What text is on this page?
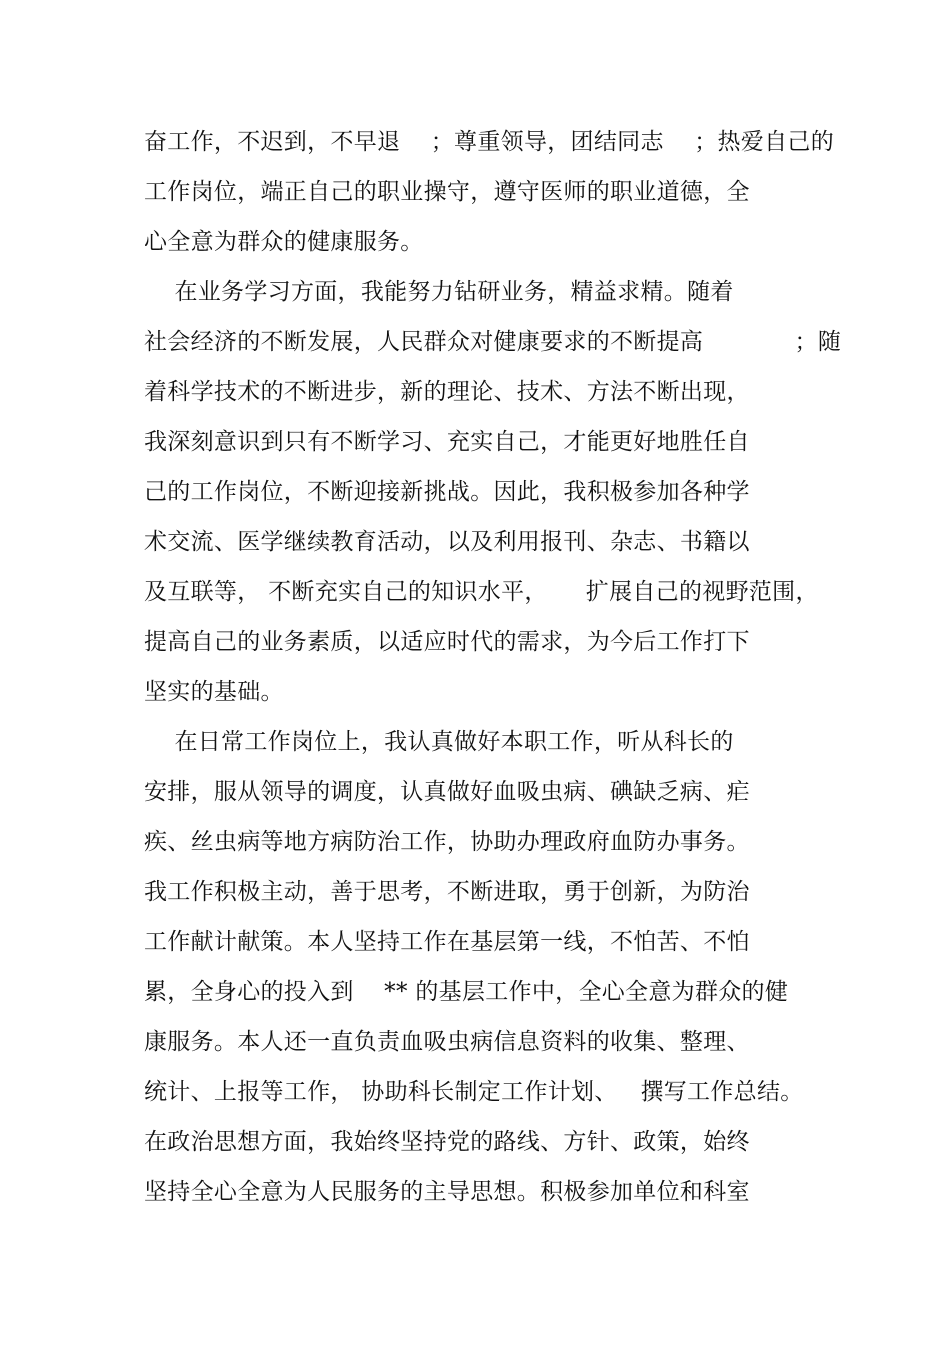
奋工作，不迟到，不早退    ；尊重领导，团结同志    ；热爱自己的
工作岗位，端正自己的职业操守，遵守医师的职业道德，全
心全意为群众的健康服务。
在业务学习方面，我能努力钻研业务，精益求精。随着
社会经济的不断发展，人民群众对健康要求的不断提高            ；随
着科学技术的不断进步，新的理论、技术、方法不断出现，
我深刻意识到只有不断学习、充实自己，才能更好地胜任自
己的工作岗位，不断迎接新挑战。因此，我积极参加各种学
术交流、医学继续教育活动，以及利用报刊、杂志、书籍以
及互联等， 不断充实自己的知识水平，     扩展自己的视野范围，
提高自己的业务素质，以适应时代的需求，为今后工作打下
坚实的基础。
在日常工作岗位上，我认真做好本职工作，听从科长的
安排，服从领导的调度，认真做好血吸虫病、碘缺乏病、疟
疾、丝虫病等地方病防治工作，协助办理政府血防办事务。
我工作积极主动，善于思考，不断进取，勇于创新，为防治
工作献计献策。本人坚持工作在基层第一线，不怕苦、不怕
累，全身心的投入到    ** 的基层工作中，全心全意为群众的健
康服务。本人还一直负责血吸虫病信息资料的收集、整理、
统计、上报等工作， 协助科长制定工作计划、   撰写工作总结。
在政治思想方面，我始终坚持党的路线、方针、政策，始终
坚持全心全意为人民服务的主导思想。积极参加单位和科室
